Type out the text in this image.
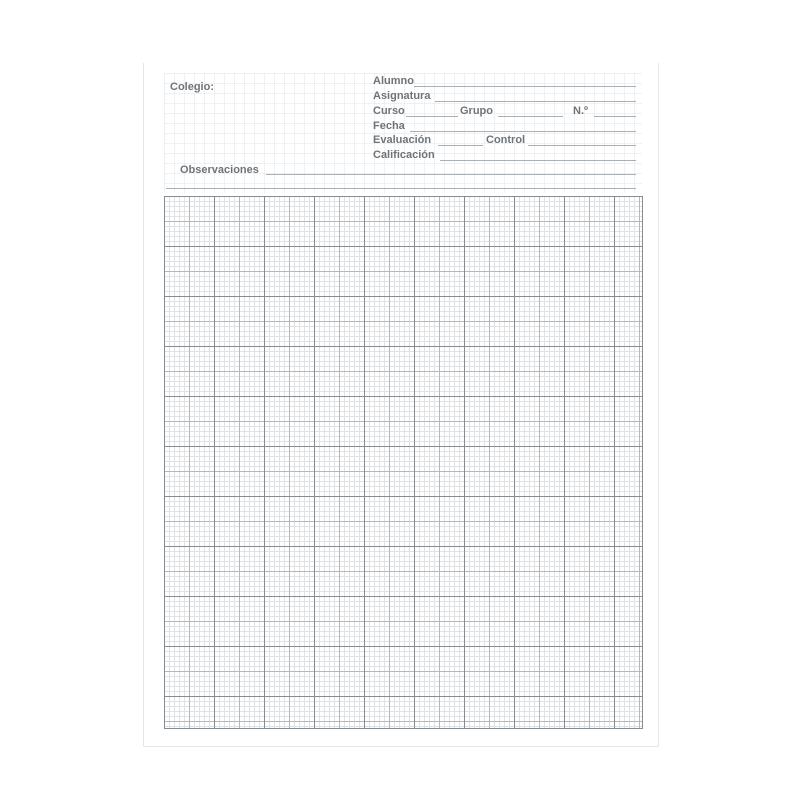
Colegio:	Alumno
Asignatura
Curso	Grupo	N.º
Fecha
Evaluación	Control
Calificación
Observaciones
